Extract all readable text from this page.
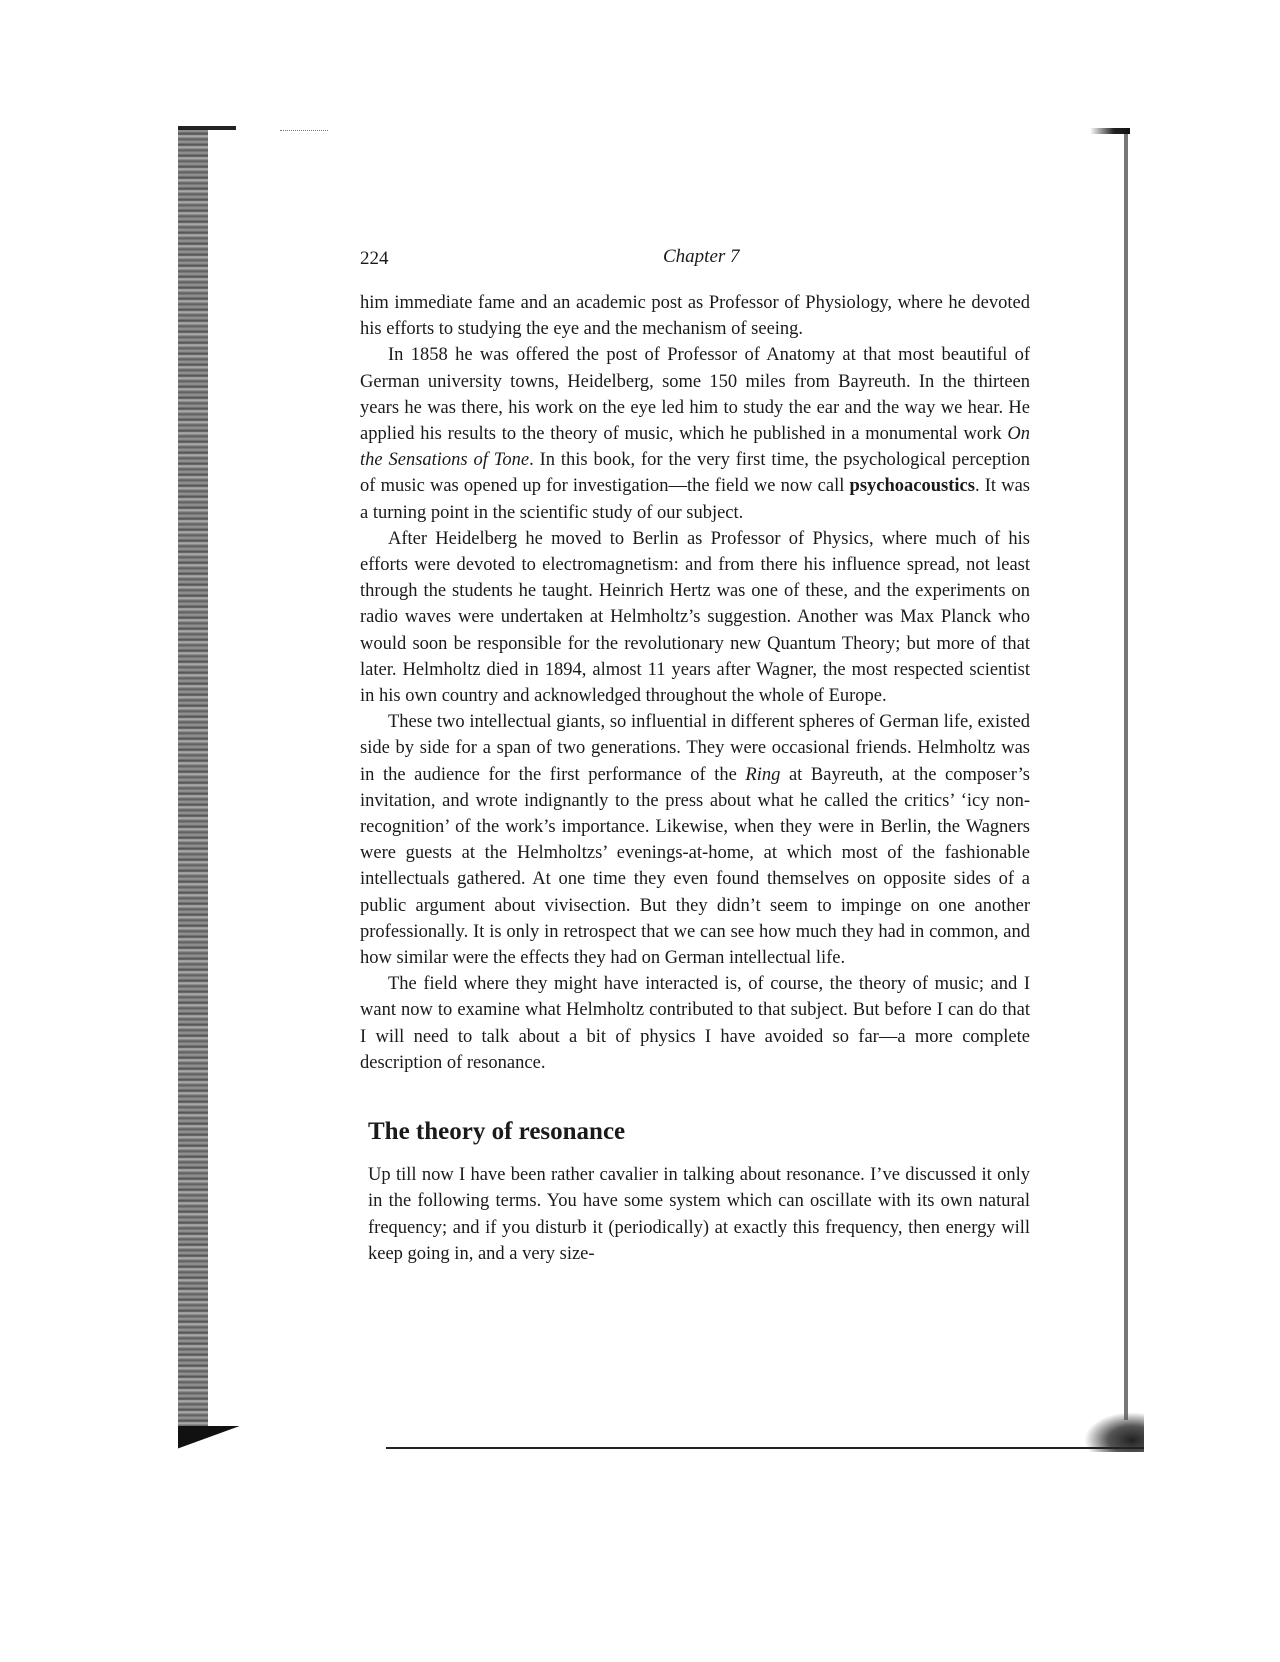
224	Chapter 7

him immediate fame and an academic post as Professor of Physiology, where he devoted his efforts to studying the eye and the mechanism of seeing.

In 1858 he was offered the post of Professor of Anatomy at that most beautiful of German university towns, Heidelberg, some 150 miles from Bayreuth. In the thirteen years he was there, his work on the eye led him to study the ear and the way we hear. He applied his results to the theory of music, which he published in a monumental work On the Sensations of Tone. In this book, for the very first time, the psychological perception of music was opened up for investigation—the field we now call psychoacoustics. It was a turning point in the scientific study of our subject.

After Heidelberg he moved to Berlin as Professor of Physics, where much of his efforts were devoted to electromagnetism: and from there his influence spread, not least through the students he taught. Heinrich Hertz was one of these, and the experiments on radio waves were undertaken at Helmholtz’s suggestion. Another was Max Planck who would soon be responsible for the revolutionary new Quantum Theory; but more of that later. Helmholtz died in 1894, almost 11 years after Wagner, the most respected scientist in his own country and acknowledged throughout the whole of Europe.

These two intellectual giants, so influential in different spheres of German life, existed side by side for a span of two generations. They were occasional friends. Helmholtz was in the audience for the first performance of the Ring at Bayreuth, at the composer’s invitation, and wrote indignantly to the press about what he called the critics’ ‘icy non-recognition’ of the work’s importance. Likewise, when they were in Berlin, the Wagners were guests at the Helmholtzs’ evenings-at-home, at which most of the fashionable intellectuals gathered. At one time they even found themselves on opposite sides of a public argument about vivisection. But they didn’t seem to impinge on one another professionally. It is only in retrospect that we can see how much they had in common, and how similar were the effects they had on German intellectual life.

The field where they might have interacted is, of course, the theory of music; and I want now to examine what Helmholtz contributed to that subject. But before I can do that I will need to talk about a bit of physics I have avoided so far—a more complete description of resonance.

The theory of resonance

Up till now I have been rather cavalier in talking about resonance. I’ve discussed it only in the following terms. You have some system which can oscillate with its own natural frequency; and if you disturb it (periodically) at exactly this frequency, then energy will keep going in, and a very size-
